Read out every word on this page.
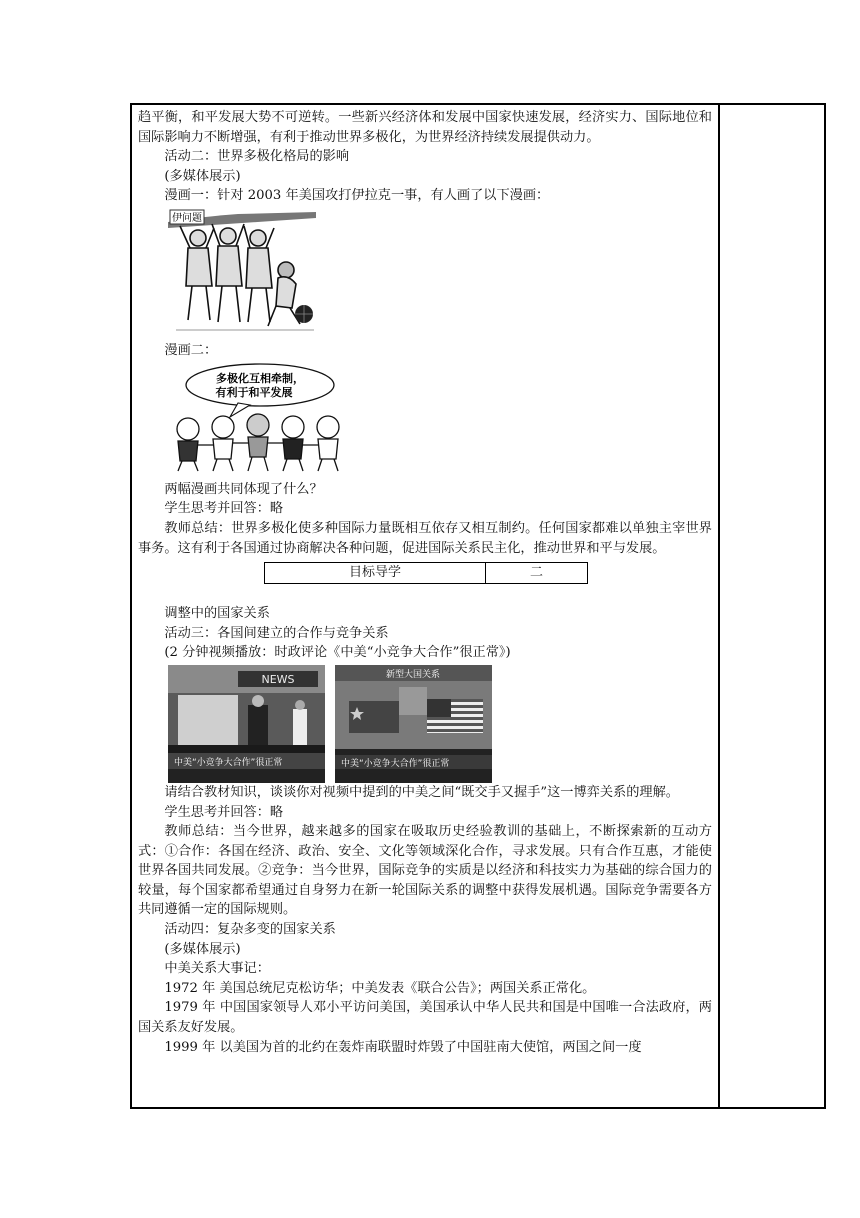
趋平衡，和平发展大势不可逆转。一些新兴经济体和发展中国家快速发展，经济实力、国际地位和国际影响力不断增强，有利于推动世界多极化，为世界经济持续发展提供动力。

活动二：世界多极化格局的影响

(多媒体展示)

漫画一：针对 2003 年美国攻打伊拉克一事，有人画了以下漫画：

伊问题

漫画二：

多极化互相牵制，
有利于和平发展

两幅漫画共同体现了什么？

学生思考并回答：略

教师总结：世界多极化使多种国际力量既相互依存又相互制约。任何国家都难以单独主宰世界事务。这有利于各国通过协商解决各种问题，促进国际关系民主化，推动世界和平与发展。

目标导学	二

调整中的国家关系

活动三：各国间建立的合作与竞争关系

(2 分钟视频播放：时政评论《中美“小竞争大合作”很正常》)

NEWS
中美“小竞争大合作”很正常
新型大国关系
中美“小竞争大合作”很正常

请结合教材知识，谈谈你对视频中提到的中美之间“既交手又握手”这一博弈关系的理解。

学生思考并回答：略

教师总结：当今世界，越来越多的国家在吸取历史经验教训的基础上，不断探索新的互动方式：①合作：各国在经济、政治、安全、文化等领域深化合作，寻求发展。只有合作互惠，才能使世界各国共同发展。②竞争：当今世界，国际竞争的实质是以经济和科技实力为基础的综合国力的较量，每个国家都希望通过自身努力在新一轮国际关系的调整中获得发展机遇。国际竞争需要各方共同遵循一定的国际规则。

活动四：复杂多变的国家关系

(多媒体展示)

中美关系大事记：

1972 年 美国总统尼克松访华；中美发表《联合公告》；两国关系正常化。

1979 年 中国国家领导人邓小平访问美国，美国承认中华人民共和国是中国唯一合法政府，两国关系友好发展。

1999 年 以美国为首的北约在轰炸南联盟时炸毁了中国驻南大使馆，两国之间一度
